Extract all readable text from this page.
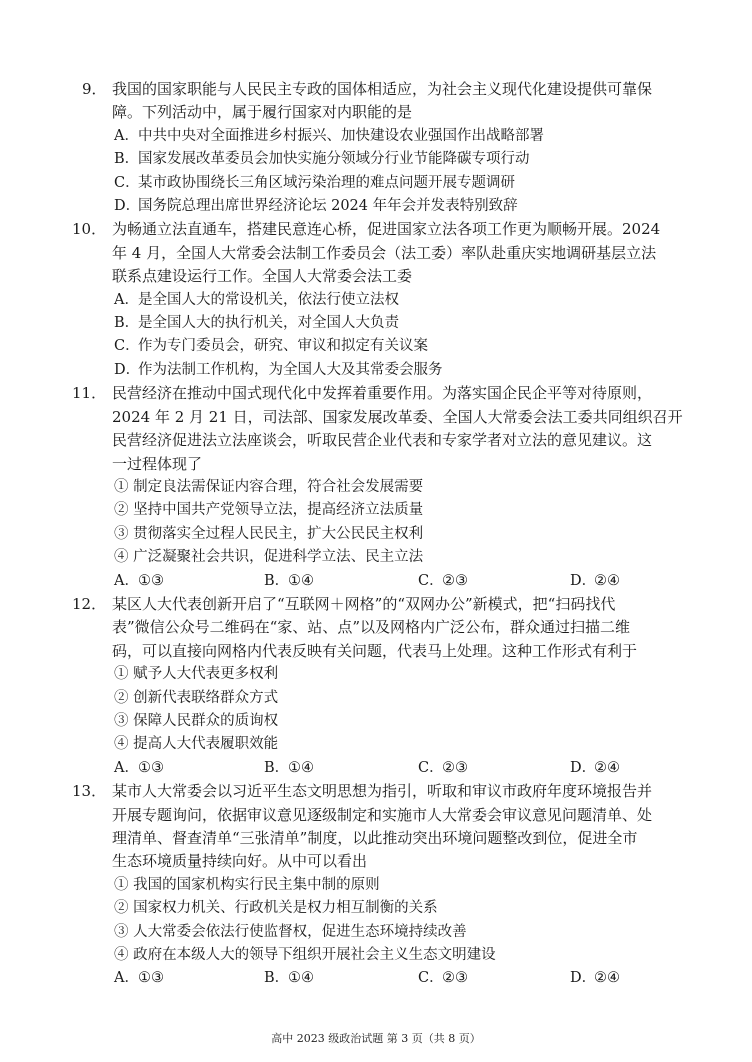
9． 我国的国家职能与人民民主专政的国体相适应，为社会主义现代化建设提供可靠保
障。下列活动中，属于履行国家对内职能的是

A．中共中央对全面推进乡村振兴、加快建设农业强国作出战略部署
B．国家发展改革委员会加快实施分领域分行业节能降碳专项行动
C．某市政协围绕长三角区域污染治理的难点问题开展专题调研
D．国务院总理出席世界经济论坛 2024 年年会并发表特别致辞
10． 为畅通立法直通车，搭建民意连心桥，促进国家立法各项工作更为顺畅开展。2024
年 4 月，全国人大常委会法制工作委员会（法工委）率队赴重庆实地调研基层立法
联系点建设运行工作。全国人大常委会法工委

A．是全国人大的常设机关，依法行使立法权
B．是全国人大的执行机关，对全国人大负责
C．作为专门委员会，研究、审议和拟定有关议案
D．作为法制工作机构，为全国人大及其常委会服务
11． 民营经济在推动中国式现代化中发挥着重要作用。为落实国企民企平等对待原则，
2024 年 2 月 21 日，司法部、国家发展改革委、全国人大常委会法工委共同组织召开
民营经济促进法立法座谈会，听取民营企业代表和专家学者对立法的意见建议。这
一过程体现了

① 制定良法需保证内容合理，符合社会发展需要
② 坚持中国共产党领导立法，提高经济立法质量
③ 贯彻落实全过程人民民主，扩大公民民主权利
④ 广泛凝聚社会共识，促进科学立法、民主立法
A．①③	B．①④	C．②③	D．②④
12． 某区人大代表创新开启了“互联网＋网格”的“双网办公”新模式，把“扫码找代
表”微信公众号二维码在“家、站、点”以及网格内广泛公布，群众通过扫描二维
码，可以直接向网格内代表反映有关问题，代表马上处理。这种工作形式有利于

① 赋予人大代表更多权利
② 创新代表联络群众方式
③ 保障人民群众的质询权
④ 提高人大代表履职效能
A．①③	B．①④	C．②③	D．②④
13． 某市人大常委会以习近平生态文明思想为指引，听取和审议市政府年度环境报告并
开展专题询问，依据审议意见逐级制定和实施市人大常委会审议意见问题清单、处
理清单、督查清单“三张清单”制度，以此推动突出环境问题整改到位，促进全市
生态环境质量持续向好。从中可以看出

① 我国的国家机构实行民主集中制的原则
② 国家权力机关、行政机关是权力相互制衡的关系
③ 人大常委会依法行使监督权，促进生态环境持续改善
④ 政府在本级人大的领导下组织开展社会主义生态文明建设
A．①③	B．①④	C．②③	D．②④
高中 2023 级政治试题 第 3 页（共 8 页）
